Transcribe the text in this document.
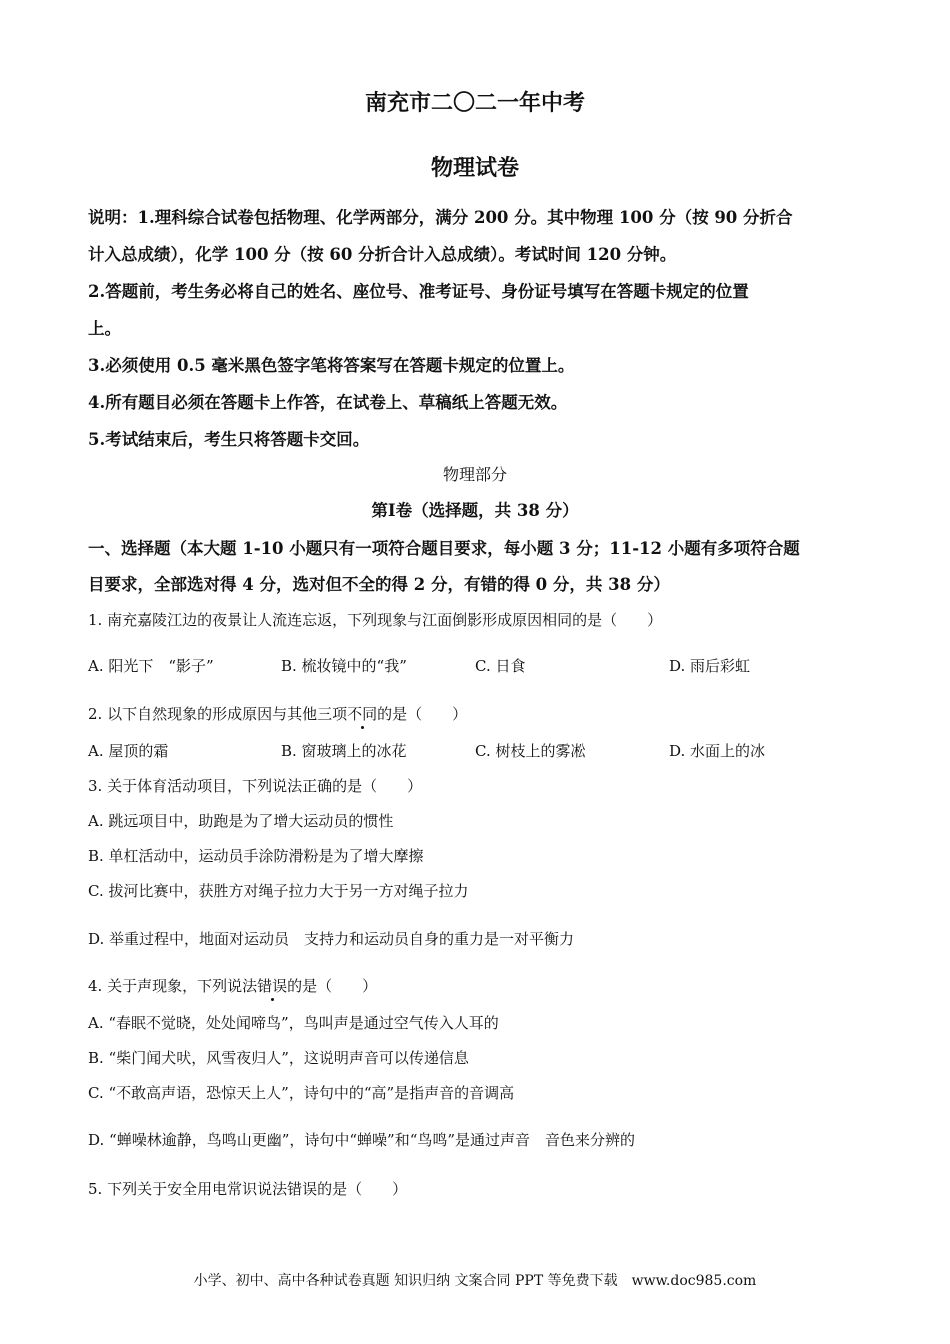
南充市二〇二一年中考
物理试卷
说明：1.理科综合试卷包括物理、化学两部分，满分 200 分。其中物理 100 分（按 90 分折合
计入总成绩），化学 100 分（按 60 分折合计入总成绩）。考试时间 120 分钟。
2.答题前，考生务必将自己的姓名、座位号、准考证号、身份证号填写在答题卡规定的位置
上。
3.必须使用 0.5 毫米黑色签字笔将答案写在答题卡规定的位置上。
4.所有题目必须在答题卡上作答，在试卷上、草稿纸上答题无效。
5.考试结束后，考生只将答题卡交回。
物理部分
第Ⅰ卷（选择题，共 38 分）
一、选择题（本大题 1-10 小题只有一项符合题目要求，每小题 3 分；11-12 小题有多项符合题
目要求，全部选对得 4 分，选对但不全的得 2 分，有错的得 0 分，共 38 分）
1. 南充嘉陵江边的夜景让人流连忘返，下列现象与江面倒影形成原因相同的是（　　）
A. 阳光下　“影子”	B. 梳妆镜中的“我”	C. 日食	D. 雨后彩虹
2. 以下自然现象的形成原因与其他三项不同的是（　　）
A. 屋顶的霜	B. 窗玻璃上的冰花	C. 树枝上的雾凇	D. 水面上的冰
3. 关于体育活动项目，下列说法正确的是（　　）
A. 跳远项目中，助跑是为了增大运动员的惯性
B. 单杠活动中，运动员手涂防滑粉是为了增大摩擦
C. 拔河比赛中，获胜方对绳子拉力大于另一方对绳子拉力
D. 举重过程中，地面对运动员　支持力和运动员自身的重力是一对平衡力
4. 关于声现象，下列说法错误的是（　　）
A. “春眠不觉晓，处处闻啼鸟”，鸟叫声是通过空气传入人耳的
B. “柴门闻犬吠，风雪夜归人”，这说明声音可以传递信息
C. “不敢高声语，恐惊天上人”，诗句中的“高”是指声音的音调高
D. “蝉噪林逾静，鸟鸣山更幽”，诗句中“蝉噪”和“鸟鸣”是通过声音　音色来分辨的
5. 下列关于安全用电常识说法错误的是（　　）
小学、初中、高中各种试卷真题 知识归纳 文案合同 PPT 等免费下载　www.doc985.com
